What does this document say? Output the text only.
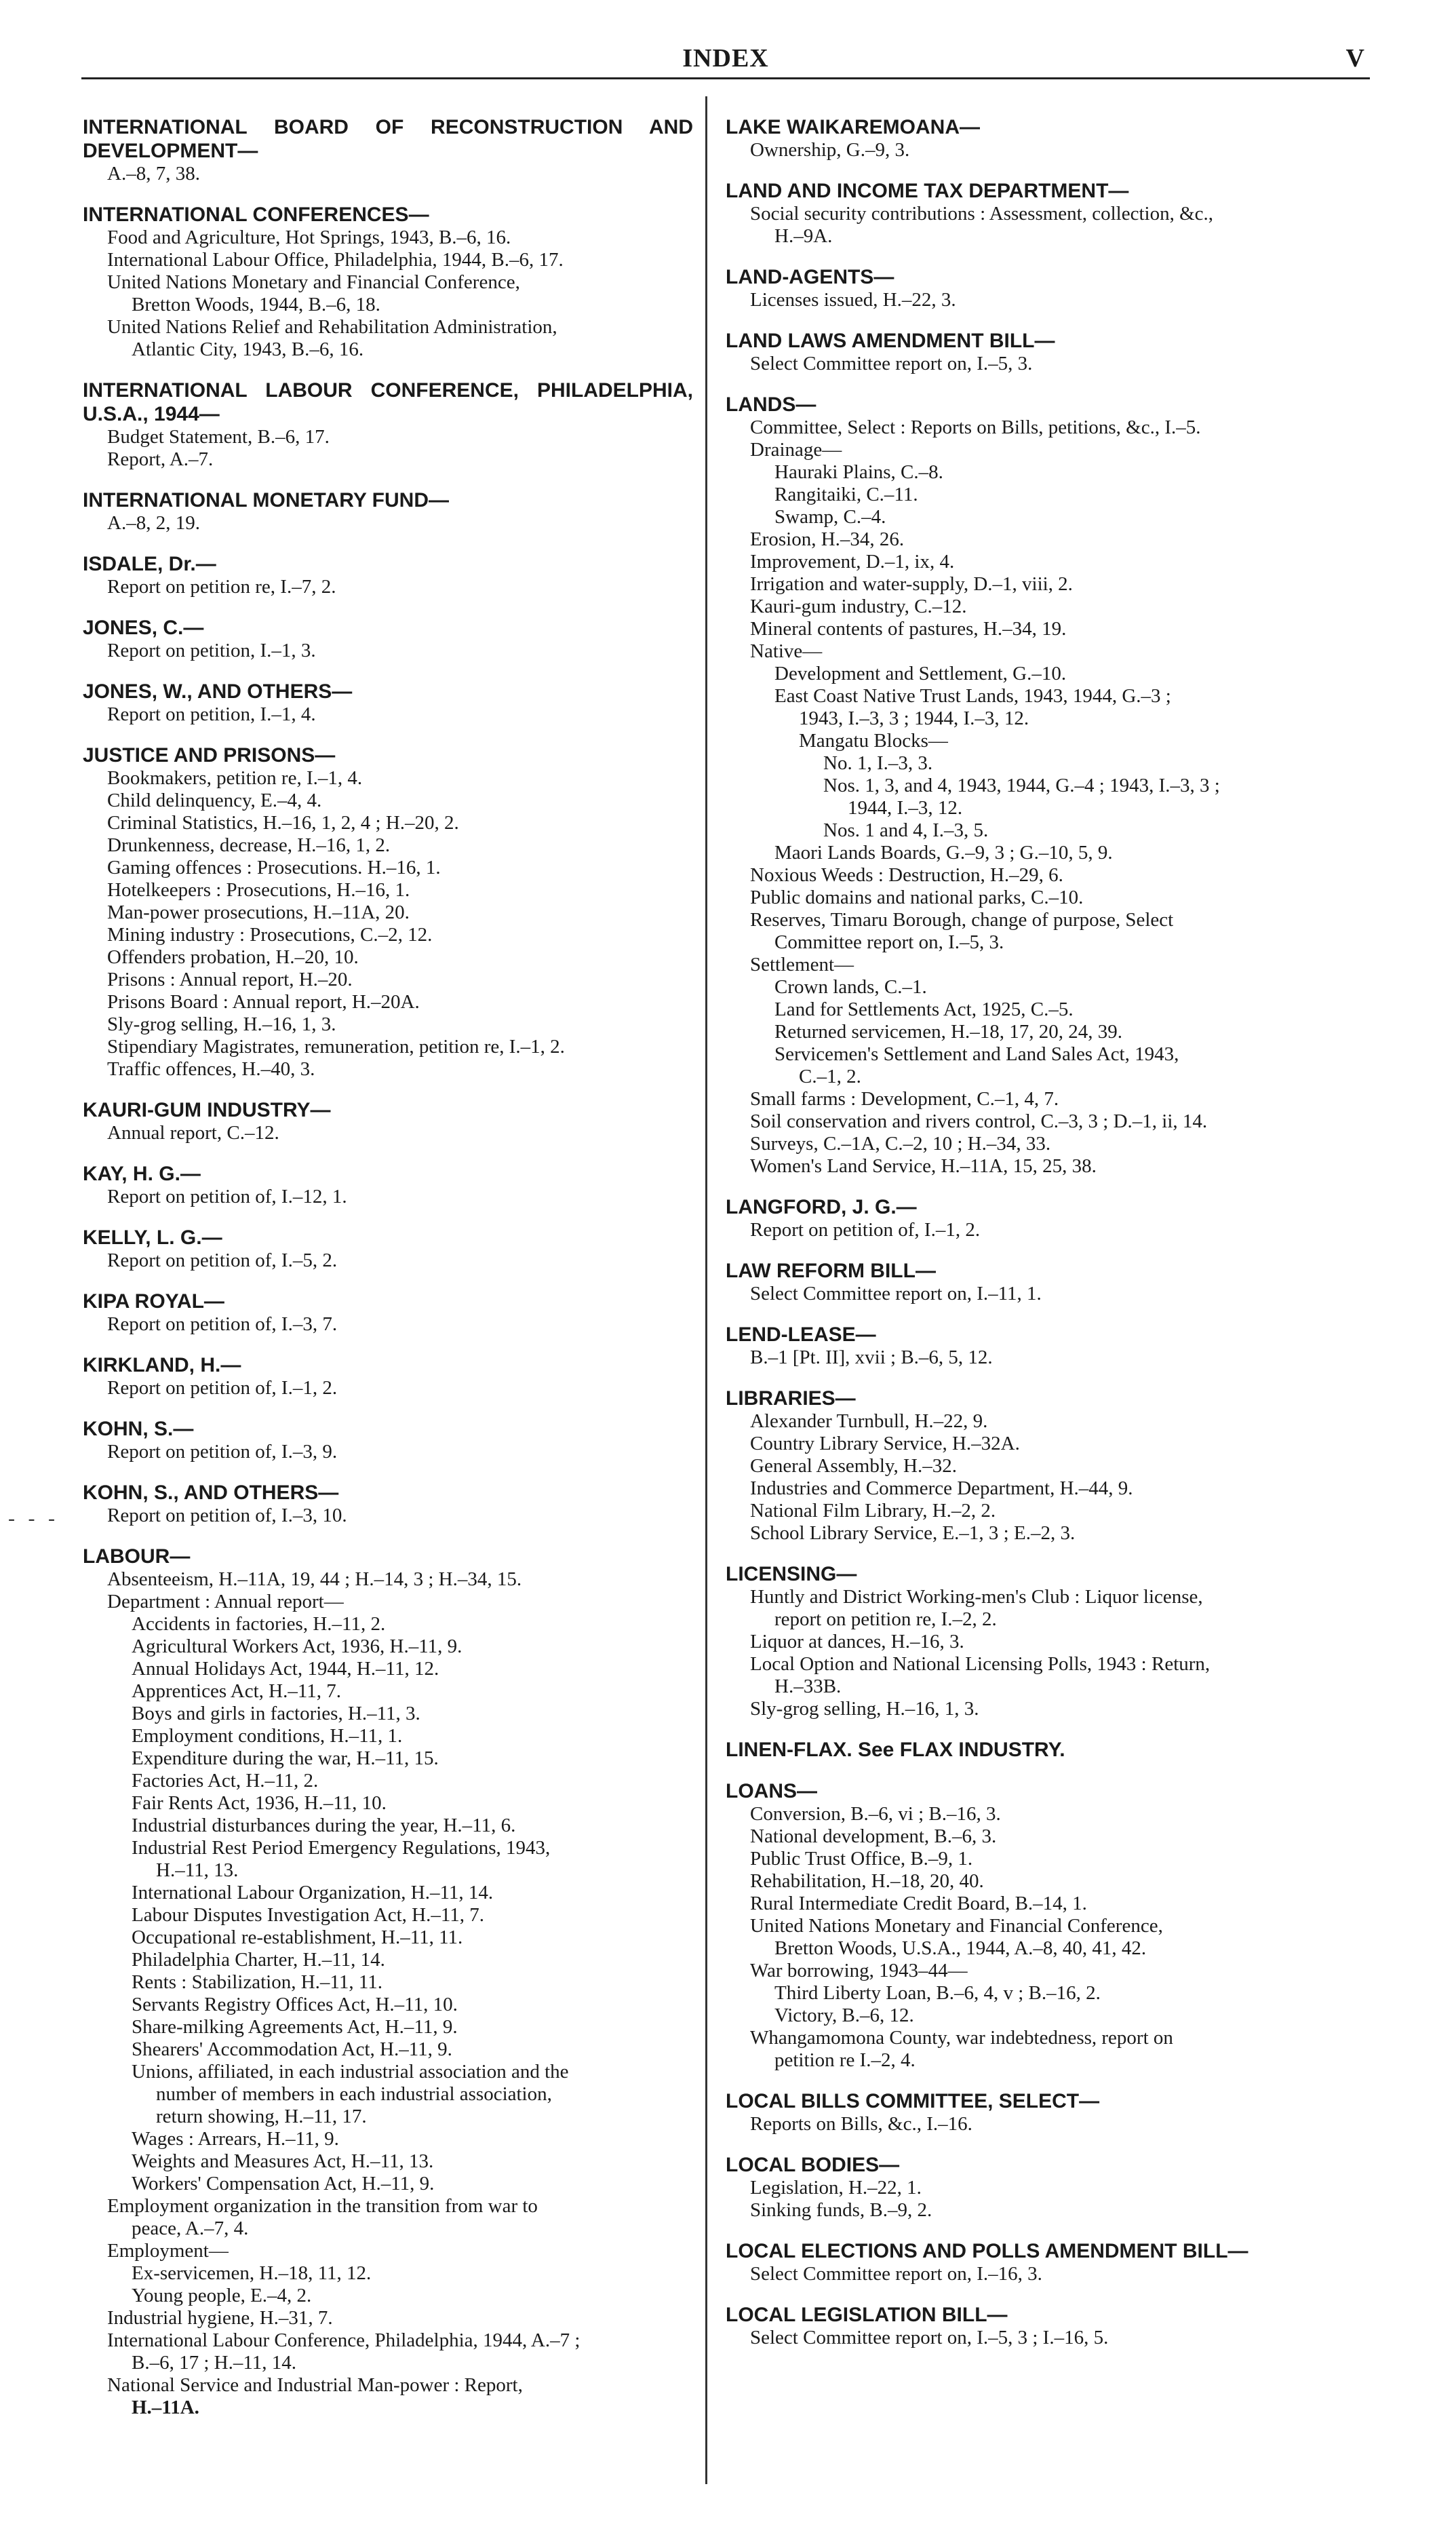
INDEX	V
- - -
INTERNATIONAL BOARD OF RECONSTRUCTION AND DEVELOPMENT—
A.–8, 7, 38.
INTERNATIONAL CONFERENCES—
Food and Agriculture, Hot Springs, 1943, B.–6, 16.
International Labour Office, Philadelphia, 1944, B.–6, 17.
United Nations Monetary and Financial Conference,
Bretton Woods, 1944, B.–6, 18.
United Nations Relief and Rehabilitation Administration,
Atlantic City, 1943, B.–6, 16.
INTERNATIONAL LABOUR CONFERENCE, PHILADELPHIA, U.S.A., 1944—
Budget Statement, B.–6, 17.
Report, A.–7.
INTERNATIONAL MONETARY FUND—
A.–8, 2, 19.
ISDALE, Dr.—
Report on petition re, I.–7, 2.
JONES, C.—
Report on petition, I.–1, 3.
JONES, W., AND OTHERS—
Report on petition, I.–1, 4.
JUSTICE AND PRISONS—
Bookmakers, petition re, I.–1, 4.
Child delinquency, E.–4, 4.
Criminal Statistics, H.–16, 1, 2, 4 ; H.–20, 2.
Drunkenness, decrease, H.–16, 1, 2.
Gaming offences : Prosecutions. H.–16, 1.
Hotelkeepers : Prosecutions, H.–16, 1.
Man-power prosecutions, H.–11A, 20.
Mining industry : Prosecutions, C.–2, 12.
Offenders probation, H.–20, 10.
Prisons : Annual report, H.–20.
Prisons Board : Annual report, H.–20A.
Sly-grog selling, H.–16, 1, 3.
Stipendiary Magistrates, remuneration, petition re, I.–1, 2.
Traffic offences, H.–40, 3.
KAURI-GUM INDUSTRY—
Annual report, C.–12.
KAY, H. G.—
Report on petition of, I.–12, 1.
KELLY, L. G.—
Report on petition of, I.–5, 2.
KIPA ROYAL—
Report on petition of, I.–3, 7.
KIRKLAND, H.—
Report on petition of, I.–1, 2.
KOHN, S.—
Report on petition of, I.–3, 9.
KOHN, S., AND OTHERS—
Report on petition of, I.–3, 10.
LABOUR—
Absenteeism, H.–11A, 19, 44 ; H.–14, 3 ; H.–34, 15.
Department : Annual report—
Accidents in factories, H.–11, 2.
Agricultural Workers Act, 1936, H.–11, 9.
Annual Holidays Act, 1944, H.–11, 12.
Apprentices Act, H.–11, 7.
Boys and girls in factories, H.–11, 3.
Employment conditions, H.–11, 1.
Expenditure during the war, H.–11, 15.
Factories Act, H.–11, 2.
Fair Rents Act, 1936, H.–11, 10.
Industrial disturbances during the year, H.–11, 6.
Industrial Rest Period Emergency Regulations, 1943,
H.–11, 13.
International Labour Organization, H.–11, 14.
Labour Disputes Investigation Act, H.–11, 7.
Occupational re-establishment, H.–11, 11.
Philadelphia Charter, H.–11, 14.
Rents : Stabilization, H.–11, 11.
Servants Registry Offices Act, H.–11, 10.
Share-milking Agreements Act, H.–11, 9.
Shearers' Accommodation Act, H.–11, 9.
Unions, affiliated, in each industrial association and the
number of members in each industrial association,
return showing, H.–11, 17.
Wages : Arrears, H.–11, 9.
Weights and Measures Act, H.–11, 13.
Workers' Compensation Act, H.–11, 9.
Employment organization in the transition from war to
peace, A.–7, 4.
Employment—
Ex-servicemen, H.–18, 11, 12.
Young people, E.–4, 2.
Industrial hygiene, H.–31, 7.
International Labour Conference, Philadelphia, 1944, A.–7 ;
B.–6, 17 ; H.–11, 14.
National Service and Industrial Man-power : Report,
H.–11A.
LAKE WAIKAREMOANA—
Ownership, G.–9, 3.
LAND AND INCOME TAX DEPARTMENT—
Social security contributions : Assessment, collection, &c.,
H.–9A.
LAND-AGENTS—
Licenses issued, H.–22, 3.
LAND LAWS AMENDMENT BILL—
Select Committee report on, I.–5, 3.
LANDS—
Committee, Select : Reports on Bills, petitions, &c., I.–5.
Drainage—
Hauraki Plains, C.–8.
Rangitaiki, C.–11.
Swamp, C.–4.
Erosion, H.–34, 26.
Improvement, D.–1, ix, 4.
Irrigation and water-supply, D.–1, viii, 2.
Kauri-gum industry, C.–12.
Mineral contents of pastures, H.–34, 19.
Native—
Development and Settlement, G.–10.
East Coast Native Trust Lands, 1943, 1944, G.–3 ;
1943, I.–3, 3 ; 1944, I.–3, 12.
Mangatu Blocks—
No. 1, I.–3, 3.
Nos. 1, 3, and 4, 1943, 1944, G.–4 ; 1943, I.–3, 3 ;
1944, I.–3, 12.
Nos. 1 and 4, I.–3, 5.
Maori Lands Boards, G.–9, 3 ; G.–10, 5, 9.
Noxious Weeds : Destruction, H.–29, 6.
Public domains and national parks, C.–10.
Reserves, Timaru Borough, change of purpose, Select
Committee report on, I.–5, 3.
Settlement—
Crown lands, C.–1.
Land for Settlements Act, 1925, C.–5.
Returned servicemen, H.–18, 17, 20, 24, 39.
Servicemen's Settlement and Land Sales Act, 1943,
C.–1, 2.
Small farms : Development, C.–1, 4, 7.
Soil conservation and rivers control, C.–3, 3 ; D.–1, ii, 14.
Surveys, C.–1A, C.–2, 10 ; H.–34, 33.
Women's Land Service, H.–11A, 15, 25, 38.
LANGFORD, J. G.—
Report on petition of, I.–1, 2.
LAW REFORM BILL—
Select Committee report on, I.–11, 1.
LEND-LEASE—
B.–1 [Pt. II], xvii ; B.–6, 5, 12.
LIBRARIES—
Alexander Turnbull, H.–22, 9.
Country Library Service, H.–32A.
General Assembly, H.–32.
Industries and Commerce Department, H.–44, 9.
National Film Library, H.–2, 2.
School Library Service, E.–1, 3 ; E.–2, 3.
LICENSING—
Huntly and District Working-men's Club : Liquor license,
report on petition re, I.–2, 2.
Liquor at dances, H.–16, 3.
Local Option and National Licensing Polls, 1943 : Return,
H.–33B.
Sly-grog selling, H.–16, 1, 3.
LINEN-FLAX. See FLAX INDUSTRY.
LOANS—
Conversion, B.–6, vi ; B.–16, 3.
National development, B.–6, 3.
Public Trust Office, B.–9, 1.
Rehabilitation, H.–18, 20, 40.
Rural Intermediate Credit Board, B.–14, 1.
United Nations Monetary and Financial Conference,
Bretton Woods, U.S.A., 1944, A.–8, 40, 41, 42.
War borrowing, 1943–44—
Third Liberty Loan, B.–6, 4, v ; B.–16, 2.
Victory, B.–6, 12.
Whangamomona County, war indebtedness, report on
petition re I.–2, 4.
LOCAL BILLS COMMITTEE, SELECT—
Reports on Bills, &c., I.–16.
LOCAL BODIES—
Legislation, H.–22, 1.
Sinking funds, B.–9, 2.
LOCAL ELECTIONS AND POLLS AMENDMENT BILL—
Select Committee report on, I.–16, 3.
LOCAL LEGISLATION BILL—
Select Committee report on, I.–5, 3 ; I.–16, 5.
